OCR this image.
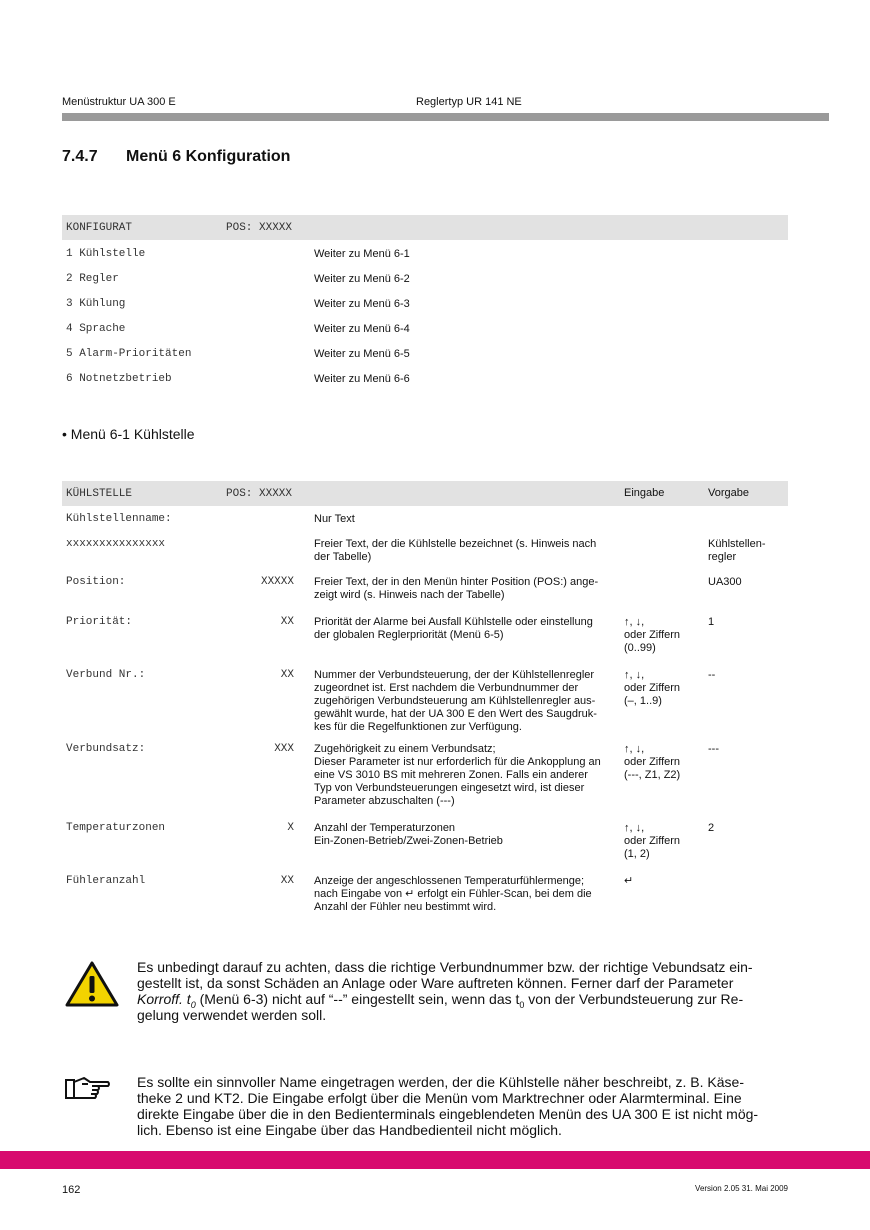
Menüstruktur UA 300 E	Reglertyp UR 141 NE
7.4.7 Menü 6 Konfiguration
KONFIGURAT	POS: XXXXX
1 Kühlstelle	Weiter zu Menü 6-1
2 Regler	Weiter zu Menü 6-2
3 Kühlung	Weiter zu Menü 6-3
4 Sprache	Weiter zu Menü 6-4
5 Alarm-Prioritäten	Weiter zu Menü 6-5
6 Notnetzbetrieb	Weiter zu Menü 6-6
• Menü 6-1 Kühlstelle
KÜHLSTELLE	POS: XXXXX	Eingabe	Vorgabe
Kühlstellenname:	Nur Text
xxxxxxxxxxxxxxx	Freier Text, der die Kühlstelle bezeichnet (s. Hinweis nach
der Tabelle)
Kühlstellen-
regler
Position:	XXXXX Freier Text, der in den Menün hinter Position (POS:) ange-
zeigt wird (s. Hinweis nach der Tabelle)
UA300
Priorität:	XX Priorität der Alarme bei Ausfall Kühlstelle oder einstellung
der globalen Reglerpriorität (Menü 6-5)
↑, ↓,
oder Ziffern
(0..99)
1
Verbund Nr.:	XX Nummer der Verbundsteuerung, der der Kühlstellenregler
zugeordnet ist. Erst nachdem die Verbundnummer der
zugehörigen Verbundsteuerung am Kühlstellenregler aus-
gewählt wurde, hat der UA 300 E den Wert des Saugdruk-
kes für die Regelfunktionen zur Verfügung.
↑, ↓,
oder Ziffern
(–, 1..9)
--
Verbundsatz:	XXX Zugehörigkeit zu einem Verbundsatz;
Dieser Parameter ist nur erforderlich für die Ankopplung an
eine VS 3010 BS mit mehreren Zonen. Falls ein anderer
Typ von Verbundsteuerungen eingesetzt wird, ist dieser
Parameter abzuschalten (---)
↑, ↓,
oder Ziffern
(---, Z1, Z2)
---
Temperaturzonen	X Anzahl der Temperaturzonen
Ein-Zonen-Betrieb/Zwei-Zonen-Betrieb
↑, ↓,
oder Ziffern
(1, 2)
2
Fühleranzahl	XX Anzeige der angeschlossenen Temperaturfühlermenge;
nach Eingabe von ↵ erfolgt ein Fühler-Scan, bei dem die
Anzahl der Fühler neu bestimmt wird.
↵
Es unbedingt darauf zu achten, dass die richtige Verbundnummer bzw. der richtige Vebundsatz ein-
gestellt ist, da sonst Schäden an Anlage oder Ware auftreten können. Ferner darf der Parameter
Korroff. $t_0$ (Menü 6-3) nicht auf “--” eingestellt sein, wenn das $t_0$ von der Verbundsteuerung zur Re-
gelung verwendet werden soll.
Es sollte ein sinnvoller Name eingetragen werden, der die Kühlstelle näher beschreibt, z. B. Käse-
theke 2 und KT2. Die Eingabe erfolgt über die Menün vom Marktrechner oder Alarmterminal. Eine
direkte Eingabe über die in den Bedienterminals eingeblendeten Menün des UA 300 E ist nicht mög-
lich. Ebenso ist eine Eingabe über das Handbedienteil nicht möglich.
162	Version 2.05 31. Mai 2009
